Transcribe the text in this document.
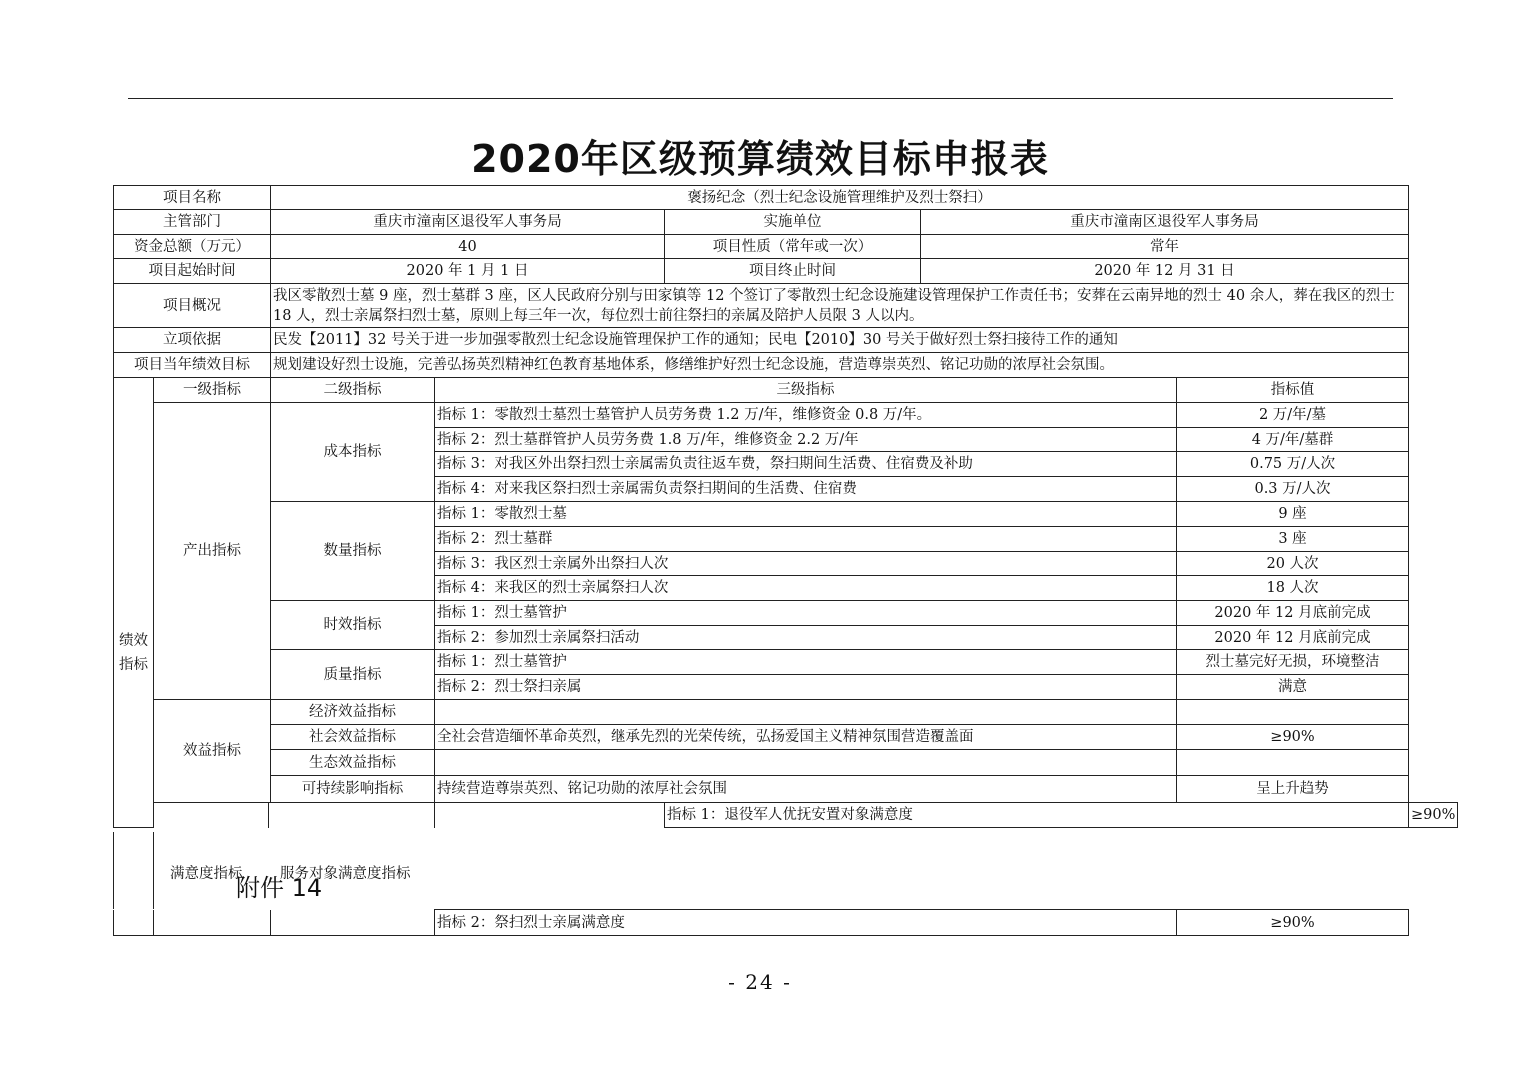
2020年区级预算绩效目标申报表
项目名称			褒扬纪念（烈士纪念设施管理维护及烈士祭扫）					
主管部门			重庆市潼南区退役军人事务局		实施单位	重庆市潼南区退役军人事务局		
资金总额（万元）			40		项目性质（常年或一次）	常年		
项目起始时间			2020 年 1 月 1 日		项目终止时间	2020 年 12 月 31 日		
项目概况			我区零散烈士墓 9 座，烈士墓群 3 座，区人民政府分别与田家镇等 12 个签订了零散烈士纪念设施建设管理保护工作责任书；安葬在云南异地的烈士 40 余人，葬在我区的烈士 18 人，烈士亲属祭扫烈士墓，原则上每三年一次，每位烈士前往祭扫的亲属及陪护人员限 3 人以内。					
立项依据			民发【2011】32 号关于进一步加强零散烈士纪念设施管理保护工作的通知；民电【2010】30 号关于做好烈士祭扫接待工作的通知					
项目当年绩效目标			规划建设好烈士设施，完善弘扬英烈精神红色教育基地体系，修缮维护好烈士纪念设施，营造尊崇英烈、铭记功勋的浓厚社会氛围。					
绩效指标	一级指标		二级指标	三级指标			指标值	
	产出指标		成本指标	指标 1：零散烈士墓烈士墓管护人员劳务费 1.2 万/年，维修资金 0.8 万/年。			2 万/年/墓	
				指标 2：烈士墓群管护人员劳务费 1.8 万/年，维修资金 2.2 万/年			4 万/年/墓群	
				指标 3：对我区外出祭扫烈士亲属需负责往返车费，祭扫期间生活费、住宿费及补助			0.75 万/人次	
				指标 4：对来我区祭扫烈士亲属需负责祭扫期间的生活费、住宿费			0.3 万/人次	
			数量指标	指标 1：零散烈士墓			9 座	
				指标 2：烈士墓群			3 座	
				指标 3：我区烈士亲属外出祭扫人次			20 人次	
				指标 4：来我区的烈士亲属祭扫人次			18 人次	
			时效指标	指标 1：烈士墓管护			2020 年 12 月底前完成	
				指标 2：参加烈士亲属祭扫活动			2020 年 12 月底前完成	
			质量指标	指标 1：烈士墓管护			烈士墓完好无损，环境整洁	
				指标 2：烈士祭扫亲属			满意	
	效益指标		经济效益指标					
			社会效益指标	全社会营造缅怀革命英烈，继承先烈的光荣传统，弘扬爱国主义精神氛围营造覆盖面			≥90%	
			生态效益指标					
			可持续影响指标	持续营造尊崇英烈、铭记功勋的浓厚社会氛围			呈上升趋势	
					指标 1：退役军人优抚安置对象满意度			≥90%
满意度指标	服务对象满意度指标
附件 14
			指标 2：祭扫烈士亲属满意度	≥90%
- 24 -
